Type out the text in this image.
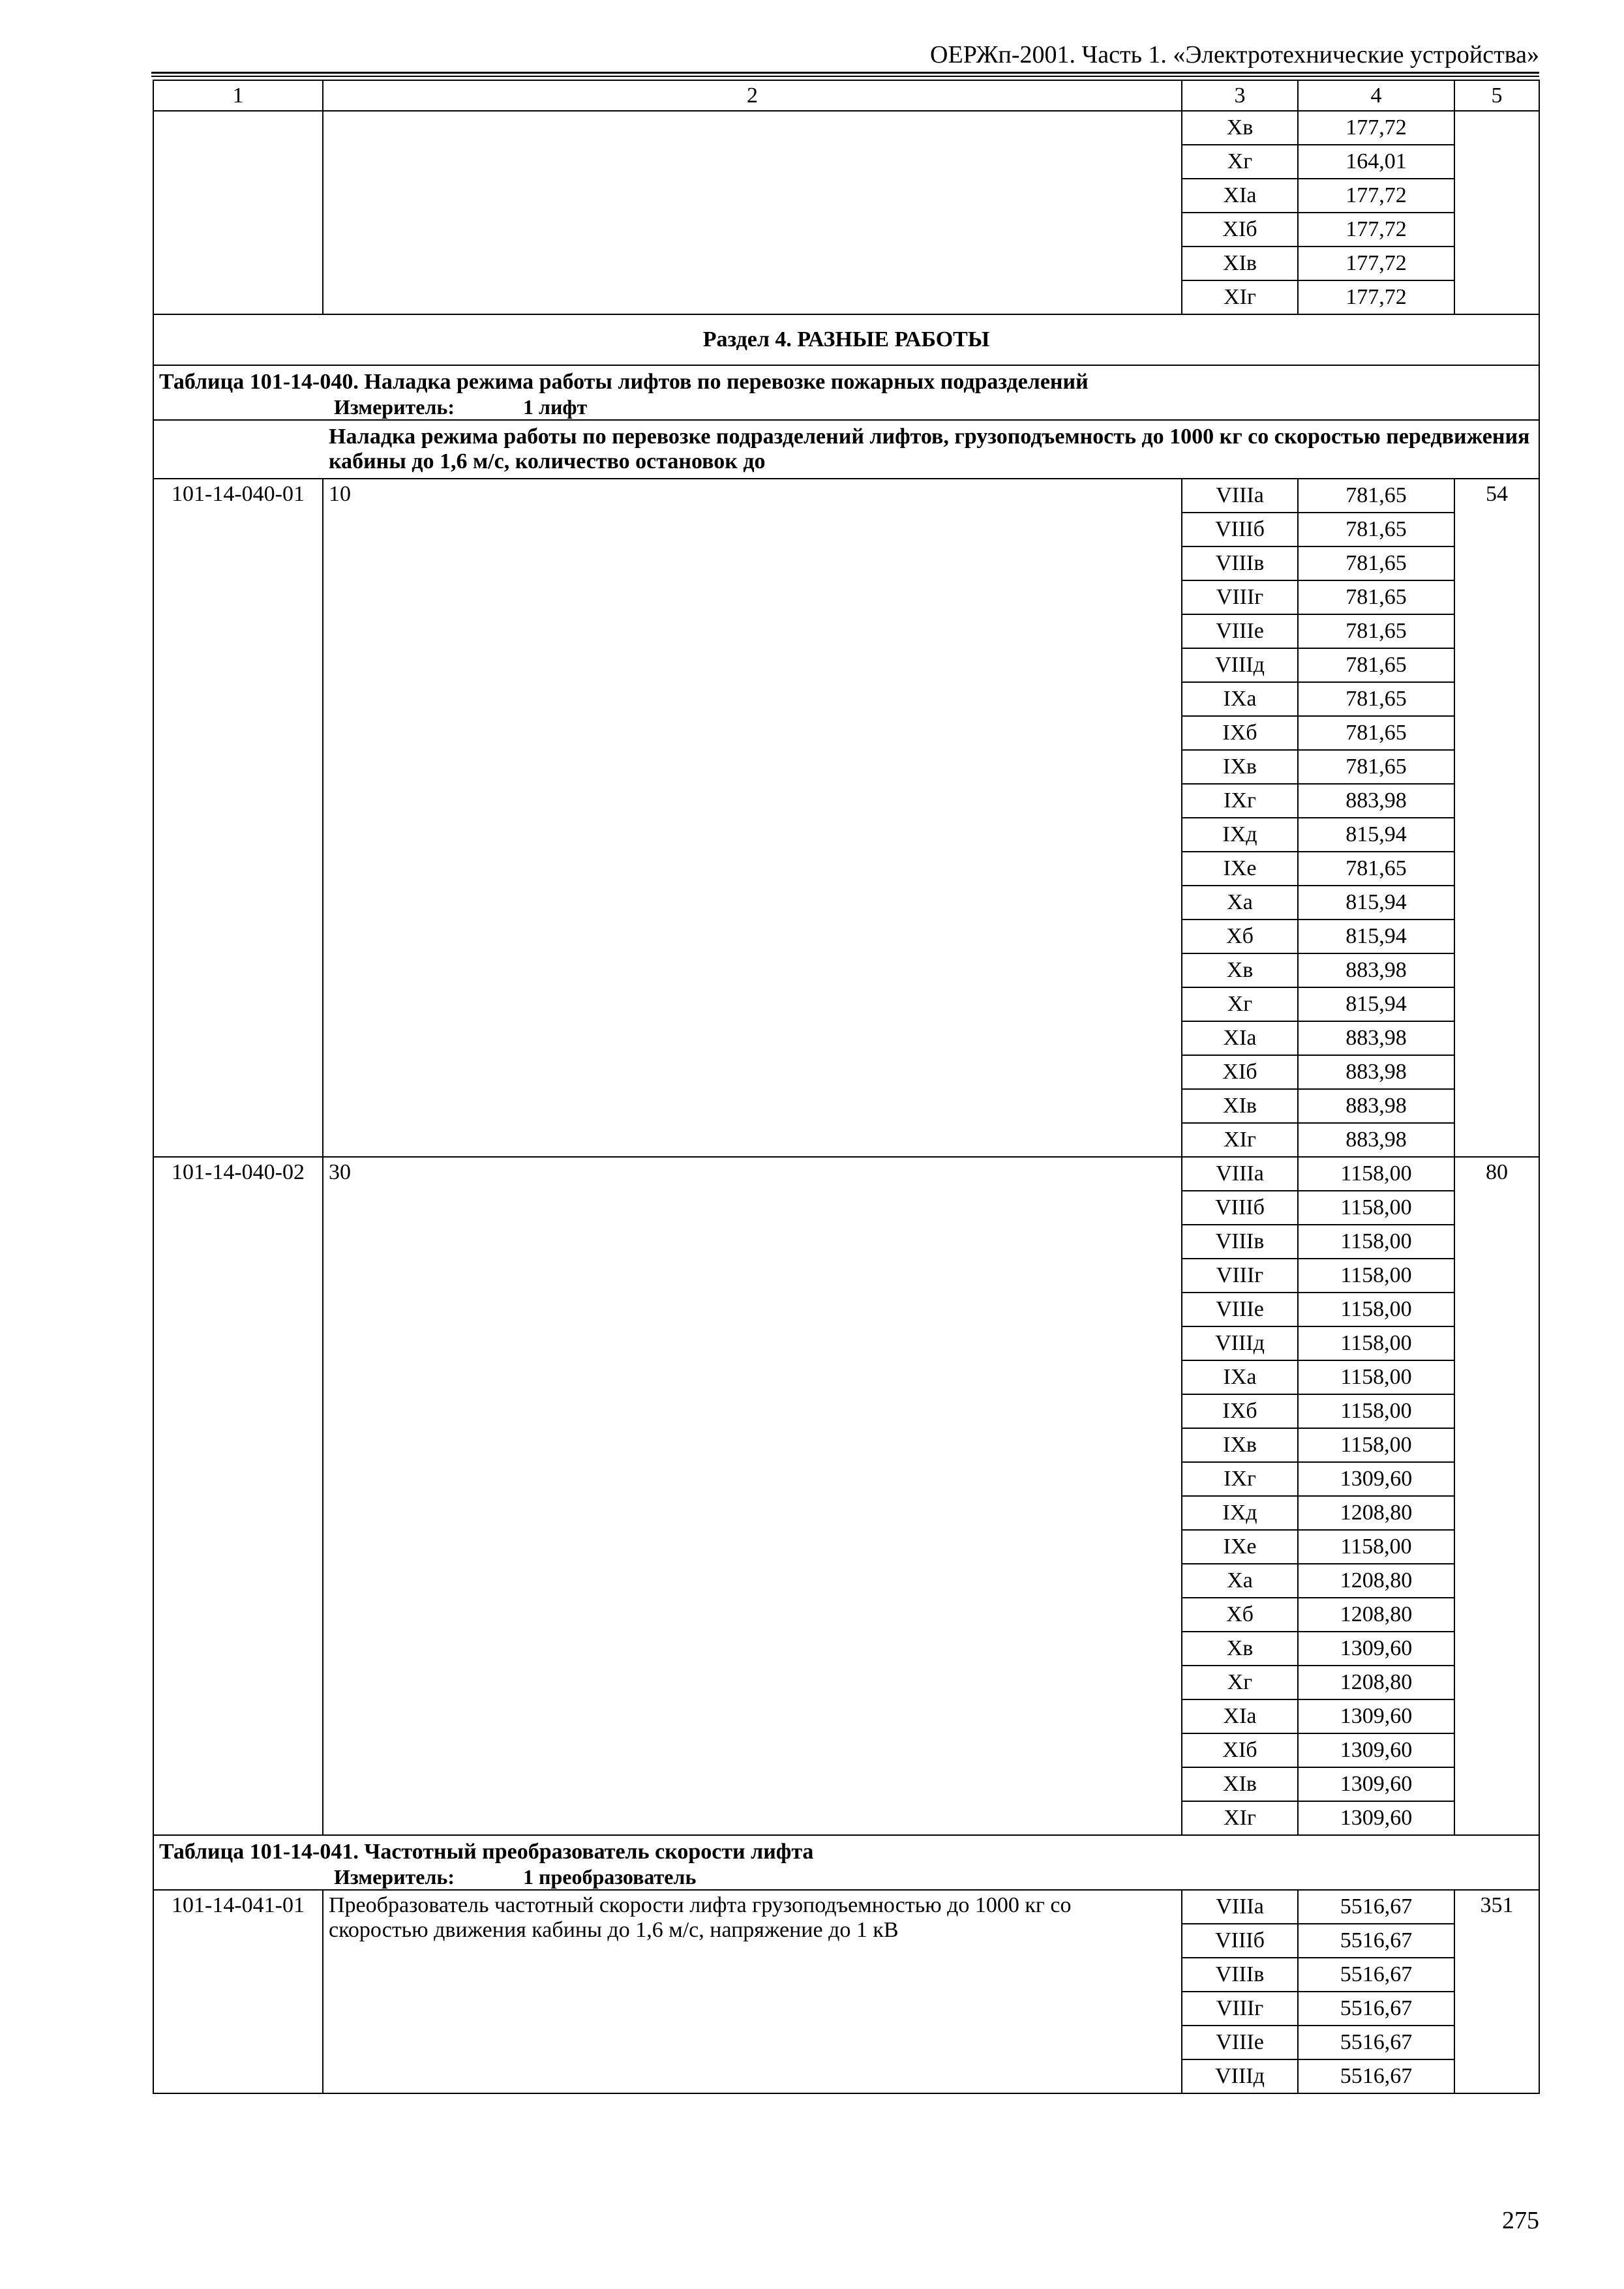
ОЕРЖп-2001. Часть 1. «Электротехнические устройства»
1	2	3	4	5
		Xв	177,72	
		Xг	164,01	
		XIа	177,72	
		XIб	177,72	
		XIв	177,72	
		XIг	177,72	
Раздел 4. РАЗНЫЕ РАБОТЫ				

Таблица 101-14-040. Наладка режима работы лифтов по перевозке пожарных подразделений
Измеритель: 1 лифт				

Наладка режима работы по перевозке подразделений лифтов, грузоподъемность до 1000 кг со скоростью передвижения кабины до 1,6 м/с, количество остановок до				
101-14-040-01	10	VIIIа	781,65	54
		VIIIб	781,65	
		VIIIв	781,65	
		VIIIг	781,65	
		VIIIе	781,65	
		VIIIд	781,65	
		IXа	781,65	
		IXб	781,65	
		IXв	781,65	
		IXг	883,98	
		IXд	815,94	
		IXе	781,65	
		Xа	815,94	
		Xб	815,94	
		Xв	883,98	
		Xг	815,94	
		XIа	883,98	
		XIб	883,98	
		XIв	883,98	
		XIг	883,98	
101-14-040-02	30	VIIIа	1158,00	80
		VIIIб	1158,00	
		VIIIв	1158,00	
		VIIIг	1158,00	
		VIIIе	1158,00	
		VIIIд	1158,00	
		IXа	1158,00	
		IXб	1158,00	
		IXв	1158,00	
		IXг	1309,60	
		IXд	1208,80	
		IXе	1158,00	
		Xа	1208,80	
		Xб	1208,80	
		Xв	1309,60	
		Xг	1208,80	
		XIа	1309,60	
		XIб	1309,60	
		XIв	1309,60	
		XIг	1309,60	

Таблица 101-14-041. Частотный преобразователь скорости лифта
Измеритель: 1 преобразователь				

101-14-041-01	Преобразователь частотный скорости лифта грузоподъемностью до 1000 кг со скоростью движения кабины до 1,6 м/с, напряжение до 1 кВ	VIIIа	5516,67	351
		VIIIб	5516,67	
		VIIIв	5516,67	
		VIIIг	5516,67	
		VIIIе	5516,67	
		VIIIд	5516,67	
275
